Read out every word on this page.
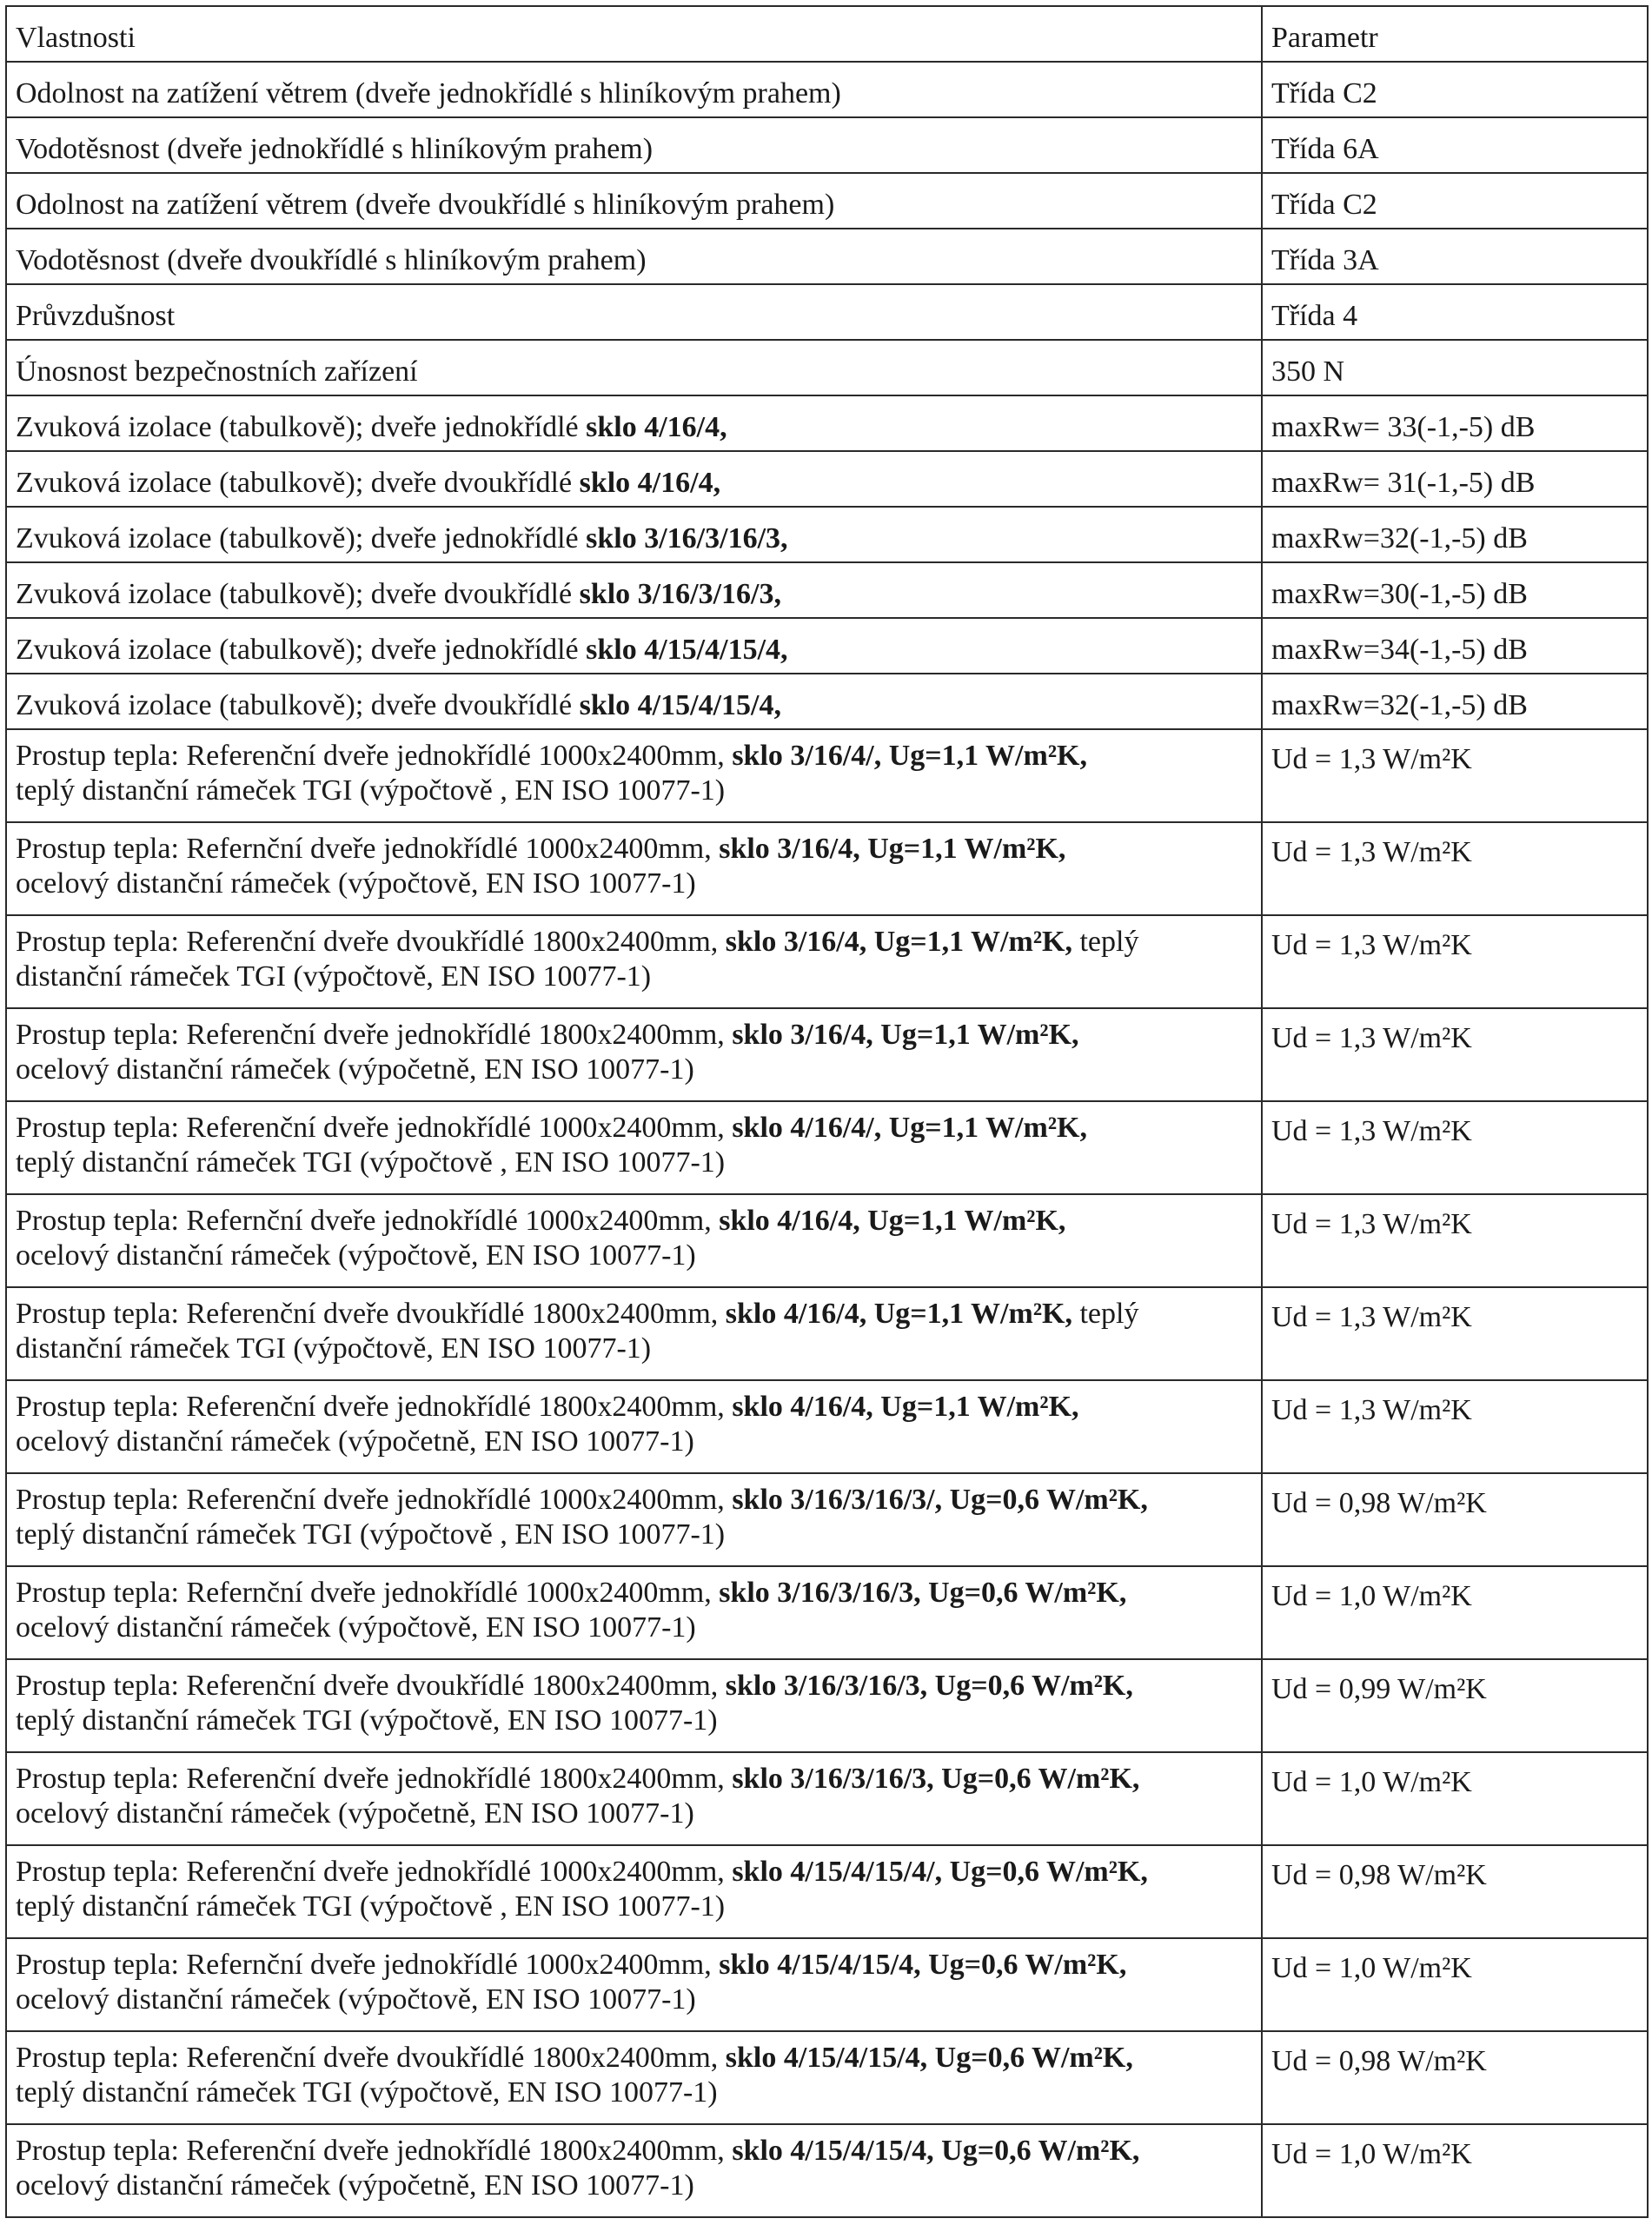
Vlastnosti	Parametr
Odolnost na zatížení větrem (dveře jednokřídlé s hliníkovým prahem)	Třída C2
Vodotěsnost (dveře jednokřídlé s hliníkovým prahem)	Třída 6A
Odolnost na zatížení větrem (dveře dvoukřídlé s hliníkovým prahem)	Třída C2
Vodotěsnost (dveře dvoukřídlé s hliníkovým prahem)	Třída 3A
Průvzdušnost	Třída 4
Únosnost bezpečnostních zařízení	350 N
Zvuková izolace (tabulkově); dveře jednokřídlé sklo 4/16/4,	maxRw= 33(-1,-5) dB
Zvuková izolace (tabulkově); dveře dvoukřídlé sklo 4/16/4,	maxRw= 31(-1,-5) dB
Zvuková izolace (tabulkově); dveře jednokřídlé sklo 3/16/3/16/3,	maxRw=32(-1,-5) dB
Zvuková izolace (tabulkově); dveře dvoukřídlé sklo 3/16/3/16/3,	maxRw=30(-1,-5) dB
Zvuková izolace (tabulkově); dveře jednokřídlé sklo 4/15/4/15/4,	maxRw=34(-1,-5) dB
Zvuková izolace (tabulkově); dveře dvoukřídlé sklo 4/15/4/15/4,	maxRw=32(-1,-5) dB
Prostup tepla: Referenční dveře jednokřídlé 1000x2400mm, sklo 3/16/4/, Ug=1,1 W/m²K,
teplý distanční rámeček TGI (výpočtově , EN ISO 10077-1)	Ud = 1,3 W/m²K
Prostup tepla: Refernční dveře jednokřídlé 1000x2400mm, sklo 3/16/4, Ug=1,1 W/m²K,
ocelový distanční rámeček (výpočtově, EN ISO 10077-1)	Ud = 1,3 W/m²K
Prostup tepla: Referenční dveře dvoukřídlé 1800x2400mm, sklo 3/16/4, Ug=1,1 W/m²K, teplý
distanční rámeček TGI (výpočtově, EN ISO 10077-1)	Ud = 1,3 W/m²K
Prostup tepla: Referenční dveře jednokřídlé 1800x2400mm, sklo 3/16/4, Ug=1,1 W/m²K,
ocelový distanční rámeček (výpočetně, EN ISO 10077-1)	Ud = 1,3 W/m²K
Prostup tepla: Referenční dveře jednokřídlé 1000x2400mm, sklo 4/16/4/, Ug=1,1 W/m²K,
teplý distanční rámeček TGI (výpočtově , EN ISO 10077-1)	Ud = 1,3 W/m²K
Prostup tepla: Refernční dveře jednokřídlé 1000x2400mm, sklo 4/16/4, Ug=1,1 W/m²K,
ocelový distanční rámeček (výpočtově, EN ISO 10077-1)	Ud = 1,3 W/m²K
Prostup tepla: Referenční dveře dvoukřídlé 1800x2400mm, sklo 4/16/4, Ug=1,1 W/m²K, teplý
distanční rámeček TGI (výpočtově, EN ISO 10077-1)	Ud = 1,3 W/m²K
Prostup tepla: Referenční dveře jednokřídlé 1800x2400mm, sklo 4/16/4, Ug=1,1 W/m²K,
ocelový distanční rámeček (výpočetně, EN ISO 10077-1)	Ud = 1,3 W/m²K
Prostup tepla: Referenční dveře jednokřídlé 1000x2400mm, sklo 3/16/3/16/3/, Ug=0,6 W/m²K,
teplý distanční rámeček TGI (výpočtově , EN ISO 10077-1)	Ud = 0,98 W/m²K
Prostup tepla: Refernční dveře jednokřídlé 1000x2400mm, sklo 3/16/3/16/3, Ug=0,6 W/m²K,
ocelový distanční rámeček (výpočtově, EN ISO 10077-1)	Ud = 1,0 W/m²K
Prostup tepla: Referenční dveře dvoukřídlé 1800x2400mm, sklo 3/16/3/16/3, Ug=0,6 W/m²K,
teplý distanční rámeček TGI (výpočtově, EN ISO 10077-1)	Ud = 0,99 W/m²K
Prostup tepla: Referenční dveře jednokřídlé 1800x2400mm, sklo 3/16/3/16/3, Ug=0,6 W/m²K,
ocelový distanční rámeček (výpočetně, EN ISO 10077-1)	Ud = 1,0 W/m²K
Prostup tepla: Referenční dveře jednokřídlé 1000x2400mm, sklo 4/15/4/15/4/, Ug=0,6 W/m²K,
teplý distanční rámeček TGI (výpočtově , EN ISO 10077-1)	Ud = 0,98 W/m²K
Prostup tepla: Refernční dveře jednokřídlé 1000x2400mm, sklo 4/15/4/15/4, Ug=0,6 W/m²K,
ocelový distanční rámeček (výpočtově, EN ISO 10077-1)	Ud = 1,0 W/m²K
Prostup tepla: Referenční dveře dvoukřídlé 1800x2400mm, sklo 4/15/4/15/4, Ug=0,6 W/m²K,
teplý distanční rámeček TGI (výpočtově, EN ISO 10077-1)	Ud = 0,98 W/m²K
Prostup tepla: Referenční dveře jednokřídlé 1800x2400mm, sklo 4/15/4/15/4, Ug=0,6 W/m²K,
ocelový distanční rámeček (výpočetně, EN ISO 10077-1)	Ud = 1,0 W/m²K
